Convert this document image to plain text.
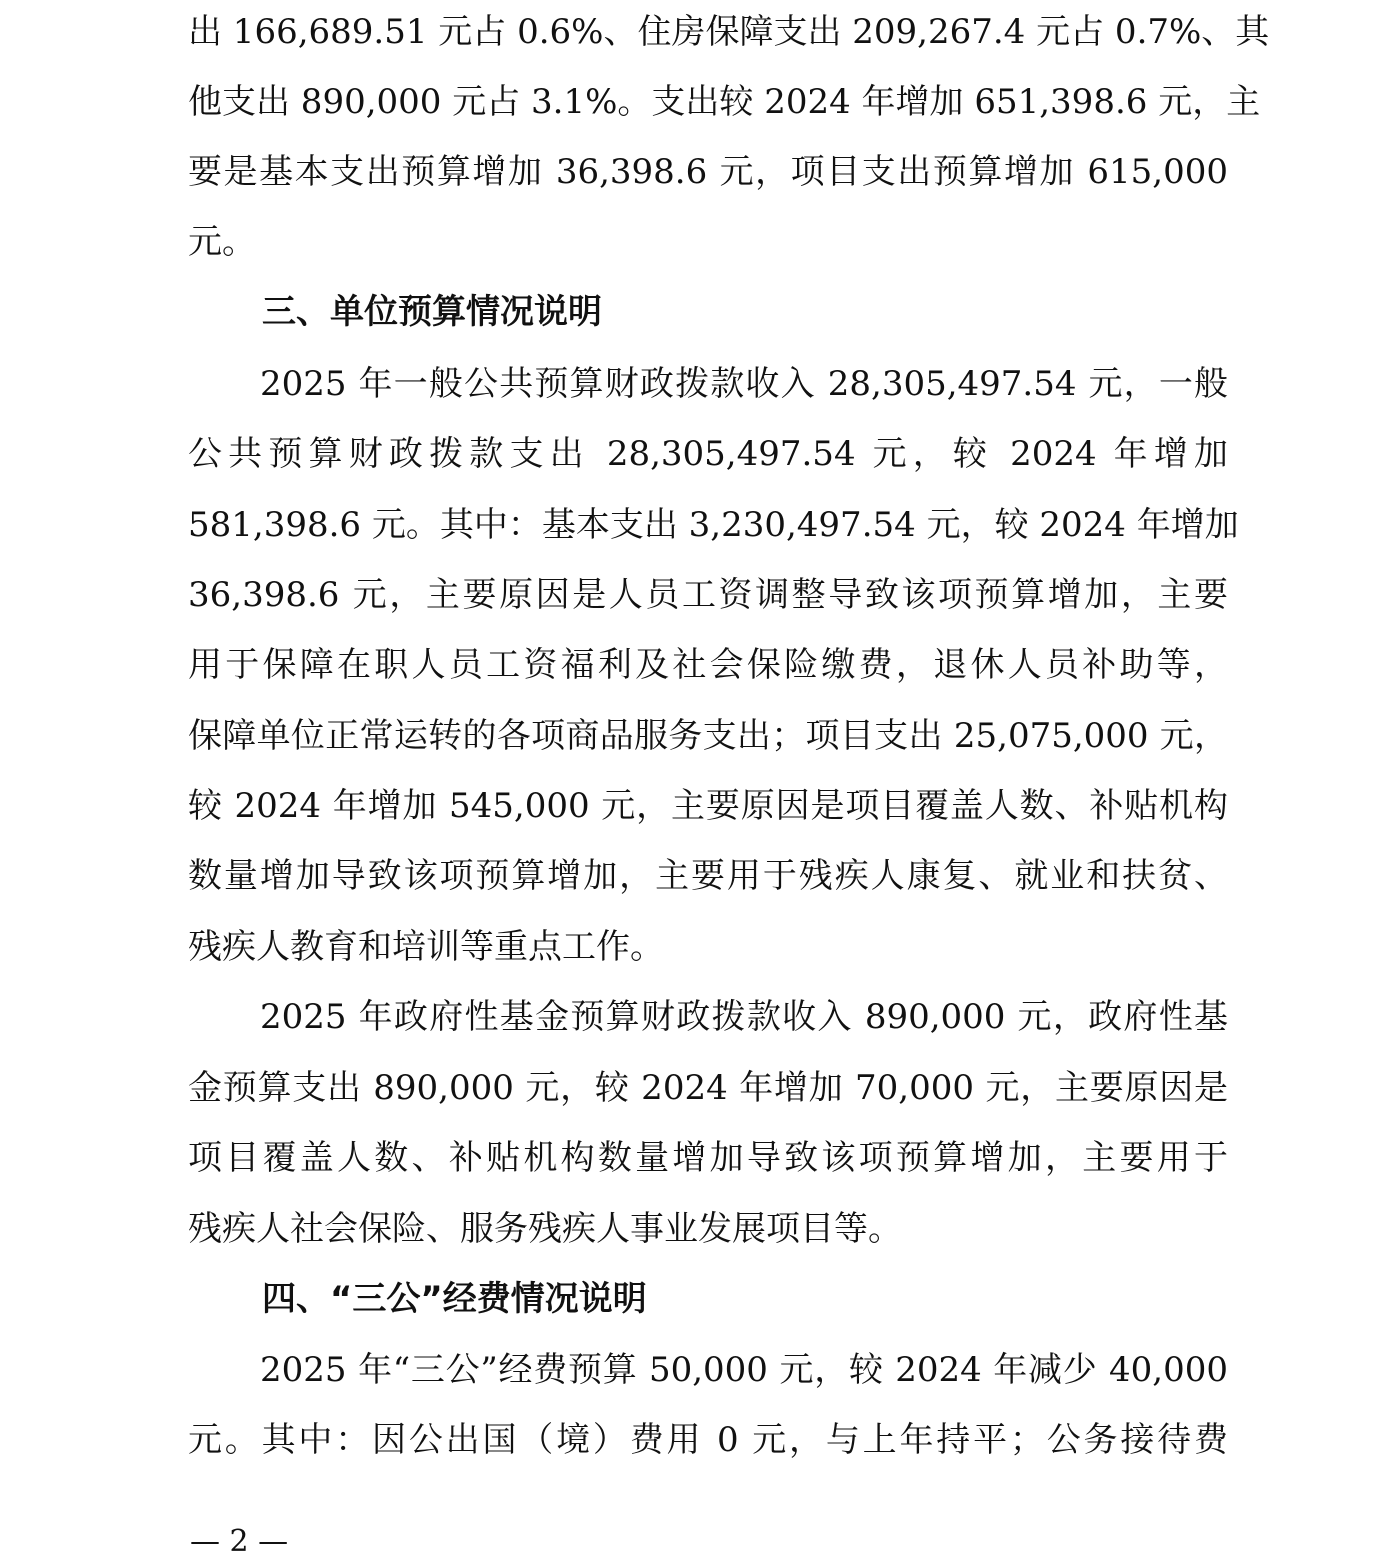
出 166,689.51 元占 0.6%、住房保障支出 209,267.4 元占 0.7%、其
他支出 890,000 元占 3.1%。支出较 2024 年增加 651,398.6 元，主
要是基本支出预算增加 36,398.6 元，项目支出预算增加 615,000
元。
三、单位预算情况说明
2025 年一般公共预算财政拨款收入 28,305,497.54 元，一般
公共预算财政拨款支出 28,305,497.54 元，较 2024 年增加
581,398.6 元。其中：基本支出 3,230,497.54 元，较 2024 年增加
36,398.6 元，主要原因是人员工资调整导致该项预算增加，主要
用于保障在职人员工资福利及社会保险缴费，退休人员补助等，
保障单位正常运转的各项商品服务支出；项目支出 25,075,000 元，
较 2024 年增加 545,000 元，主要原因是项目覆盖人数、补贴机构
数量增加导致该项预算增加，主要用于残疾人康复、就业和扶贫、
残疾人教育和培训等重点工作。
2025 年政府性基金预算财政拨款收入 890,000 元，政府性基
金预算支出 890,000 元，较 2024 年增加 70,000 元，主要原因是
项目覆盖人数、补贴机构数量增加导致该项预算增加，主要用于
残疾人社会保险、服务残疾人事业发展项目等。
四、“三公”经费情况说明
2025 年“三公”经费预算 50,000 元，较 2024 年减少 40,000
元。其中：因公出国（境）费用 0 元，与上年持平；公务接待费
— 2 —
